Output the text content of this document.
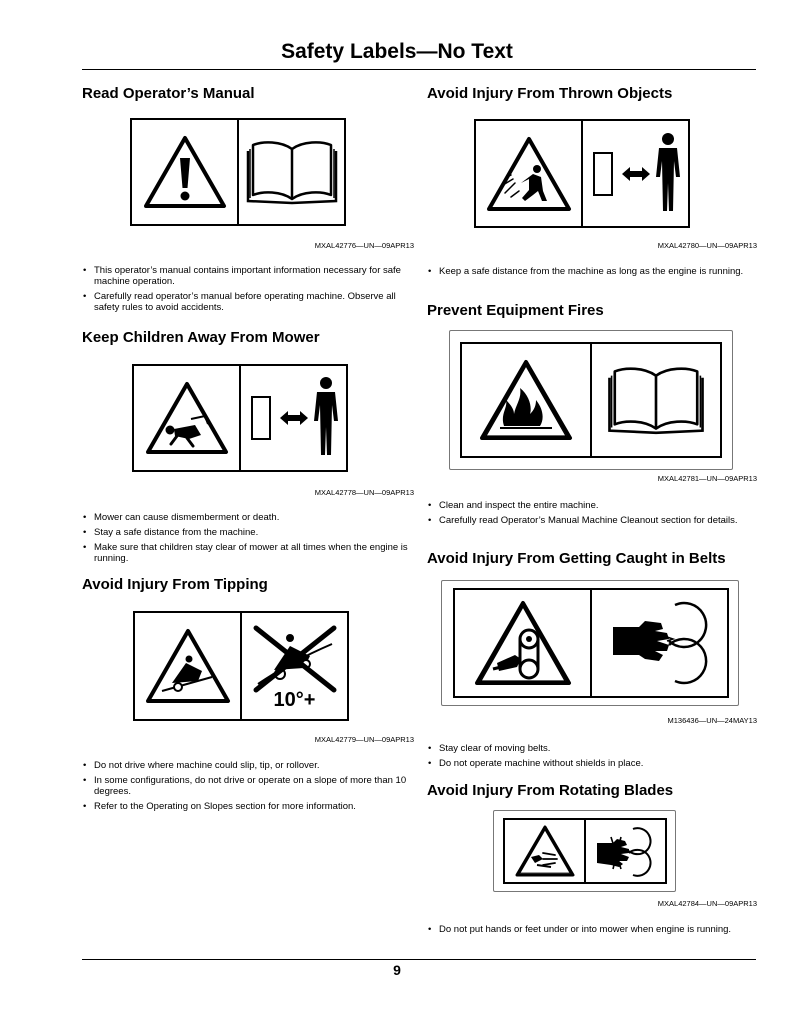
Safety Labels—No Text
Read Operator’s Manual
MXAL42776—UN—09APR13
• This operator’s manual contains important information necessary for safe machine operation.
• Carefully read operator’s manual before operating machine. Observe all safety rules to avoid accidents.
Keep Children Away From Mower
MXAL42778—UN—09APR13
• Mower can cause dismemberment or death.
• Stay a safe distance from the machine.
• Make sure that children stay clear of mower at all times when the engine is running.
Avoid Injury From Tipping
10°+
MXAL42779—UN—09APR13
• Do not drive where machine could slip, tip, or rollover.
• In some configurations, do not drive or operate on a slope of more than 10 degrees.
• Refer to the Operating on Slopes section for more information.
Avoid Injury From Thrown Objects
MXAL42780—UN—09APR13
• Keep a safe distance from the machine as long as the engine is running.
Prevent Equipment Fires
MXAL42781—UN—09APR13
• Clean and inspect the entire machine.
• Carefully read Operator’s Manual Machine Cleanout section for details.
Avoid Injury From Getting Caught in Belts
M136436—UN—24MAY13
• Stay clear of moving belts.
• Do not operate machine without shields in place.
Avoid Injury From Rotating Blades
MXAL42784—UN—09APR13
• Do not put hands or feet under or into mower when engine is running.
9
